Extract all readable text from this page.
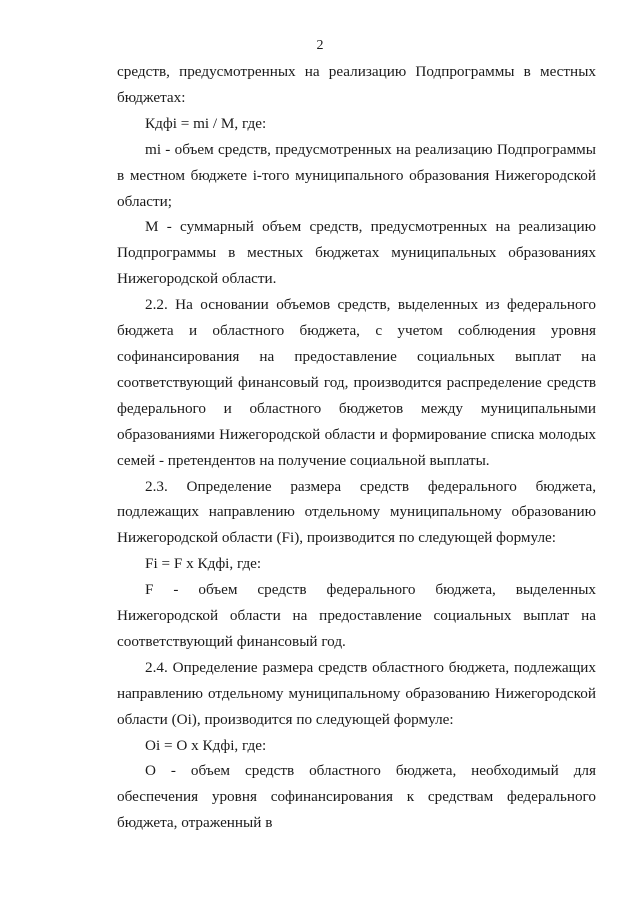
2

средств, предусмотренных на реализацию Подпрограммы в местных бюджетах:

Кдфi = mi / M, где:

mi - объем средств, предусмотренных на реализацию Подпрограммы в местном бюджете i-того муниципального образования Нижегородской области;

M - суммарный объем средств, предусмотренных на реализацию Подпрограммы в местных бюджетах муниципальных образованиях Нижегородской области.

2.2. На основании объемов средств, выделенных из федерального бюджета и областного бюджета, с учетом соблюдения уровня софинансирования на предоставление социальных выплат на соответствующий финансовый год, производится распределение средств федерального и областного бюджетов между муниципальными образованиями Нижегородской области и формирование списка молодых семей - претендентов на получение социальной выплаты.

2.3. Определение размера средств федерального бюджета, подлежащих направлению отдельному муниципальному образованию Нижегородской области (Fi), производится по следующей формуле:

Fi = F x Кдфi, где:

F - объем средств федерального бюджета, выделенных Нижегородской области на предоставление социальных выплат на соответствующий финансовый год.

2.4. Определение размера средств областного бюджета, подлежащих направлению отдельному муниципальному образованию Нижегородской области (Oi), производится по следующей формуле:

Oi = O x Кдфi, где:

O - объем средств областного бюджета, необходимый для обеспечения уровня софинансирования к средствам федерального бюджета, отраженный в
